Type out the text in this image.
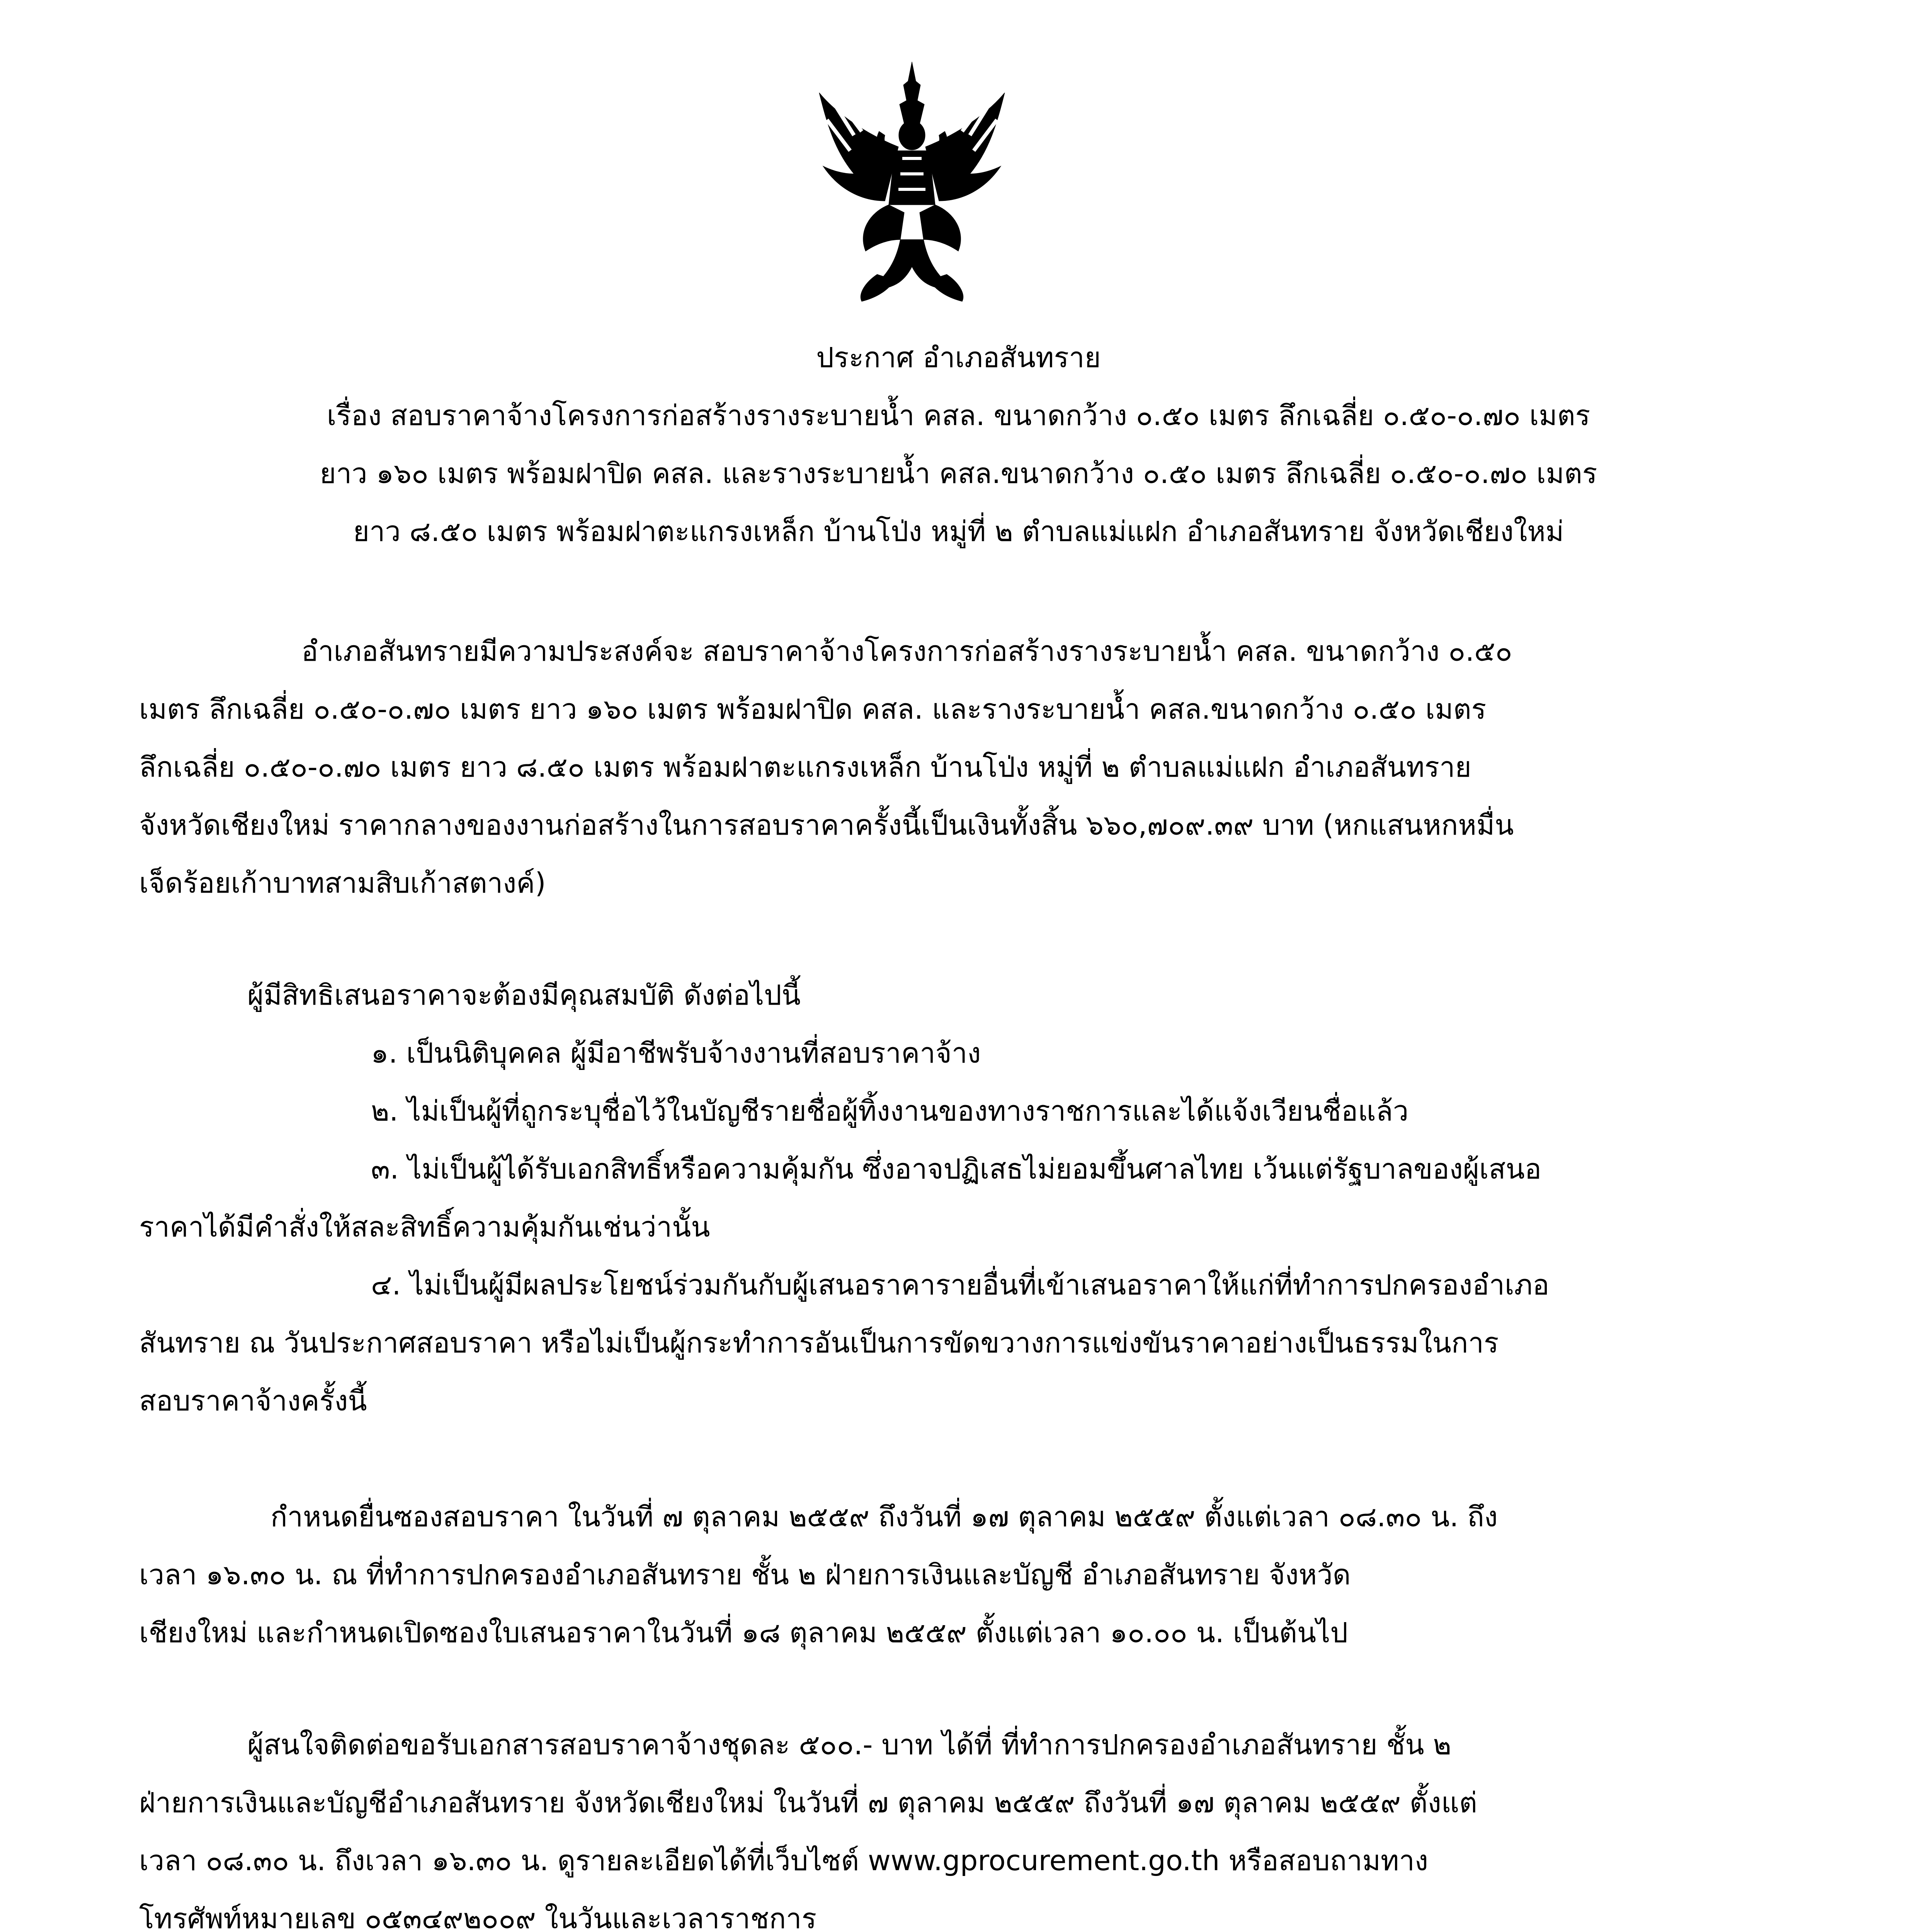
ประกาศ อำเภอสันทราย
เรื่อง สอบราคาจ้างโครงการก่อสร้างรางระบายน้ำ คสล. ขนาดกว้าง ๐.๕๐ เมตร ลึกเฉลี่ย ๐.๕๐-๐.๗๐ เมตร
ยาว ๑๖๐ เมตร พร้อมฝาปิด คสล. และรางระบายน้ำ คสล.ขนาดกว้าง ๐.๕๐ เมตร ลึกเฉลี่ย ๐.๕๐-๐.๗๐ เมตร
ยาว ๘.๕๐ เมตร พร้อมฝาตะแกรงเหล็ก บ้านโป่ง หมู่ที่ ๒ ตำบลแม่แฝก อำเภอสันทราย จังหวัดเชียงใหม่
อำเภอสันทรายมีความประสงค์จะ สอบราคาจ้างโครงการก่อสร้างรางระบายน้ำ คสล. ขนาดกว้าง ๐.๕๐
เมตร ลึกเฉลี่ย ๐.๕๐-๐.๗๐ เมตร ยาว ๑๖๐ เมตร พร้อมฝาปิด คสล. และรางระบายน้ำ คสล.ขนาดกว้าง ๐.๕๐ เมตร
ลึกเฉลี่ย ๐.๕๐-๐.๗๐ เมตร ยาว ๘.๕๐ เมตร พร้อมฝาตะแกรงเหล็ก บ้านโป่ง หมู่ที่ ๒ ตำบลแม่แฝก อำเภอสันทราย
จังหวัดเชียงใหม่ ราคากลางของงานก่อสร้างในการสอบราคาครั้งนี้เป็นเงินทั้งสิ้น ๖๖๐,๗๐๙.๓๙ บาท (หกแสนหกหมื่น
เจ็ดร้อยเก้าบาทสามสิบเก้าสตางค์)
ผู้มีสิทธิเสนอราคาจะต้องมีคุณสมบัติ ดังต่อไปนี้
๑. เป็นนิติบุคคล ผู้มีอาชีพรับจ้างงานที่สอบราคาจ้าง
๒. ไม่เป็นผู้ที่ถูกระบุชื่อไว้ในบัญชีรายชื่อผู้ทิ้งงานของทางราชการและได้แจ้งเวียนชื่อแล้ว
๓. ไม่เป็นผู้ได้รับเอกสิทธิ์หรือความคุ้มกัน ซึ่งอาจปฏิเสธไม่ยอมขึ้นศาลไทย เว้นแต่รัฐบาลของผู้เสนอ
ราคาได้มีคำสั่งให้สละสิทธิ์ความคุ้มกันเช่นว่านั้น
๔. ไม่เป็นผู้มีผลประโยชน์ร่วมกันกับผู้เสนอราคารายอื่นที่เข้าเสนอราคาให้แก่ที่ทำการปกครองอำเภอ
สันทราย ณ วันประกาศสอบราคา หรือไม่เป็นผู้กระทำการอันเป็นการขัดขวางการแข่งขันราคาอย่างเป็นธรรมในการ
สอบราคาจ้างครั้งนี้
กำหนดยื่นซองสอบราคา ในวันที่ ๗ ตุลาคม ๒๕๕๙ ถึงวันที่ ๑๗ ตุลาคม ๒๕๕๙ ตั้งแต่เวลา ๐๘.๓๐ น. ถึง
เวลา ๑๖.๓๐ น. ณ ที่ทำการปกครองอำเภอสันทราย ชั้น ๒ ฝ่ายการเงินและบัญชี อำเภอสันทราย จังหวัด
เชียงใหม่ และกำหนดเปิดซองใบเสนอราคาในวันที่ ๑๘ ตุลาคม ๒๕๕๙ ตั้งแต่เวลา ๑๐.๐๐ น. เป็นต้นไป
ผู้สนใจติดต่อขอรับเอกสารสอบราคาจ้างชุดละ ๕๐๐.- บาท ได้ที่ ที่ทำการปกครองอำเภอสันทราย ชั้น ๒
ฝ่ายการเงินและบัญชีอำเภอสันทราย จังหวัดเชียงใหม่ ในวันที่ ๗ ตุลาคม ๒๕๕๙ ถึงวันที่ ๑๗ ตุลาคม ๒๕๕๙ ตั้งแต่
เวลา ๐๘.๓๐ น. ถึงเวลา ๑๖.๓๐ น. ดูรายละเอียดได้ที่เว็บไซต์ www.gprocurement.go.th หรือสอบถามทาง
โทรศัพท์หมายเลข ๐๕๓๔๙๒๐๐๙ ในวันและเวลาราชการ
